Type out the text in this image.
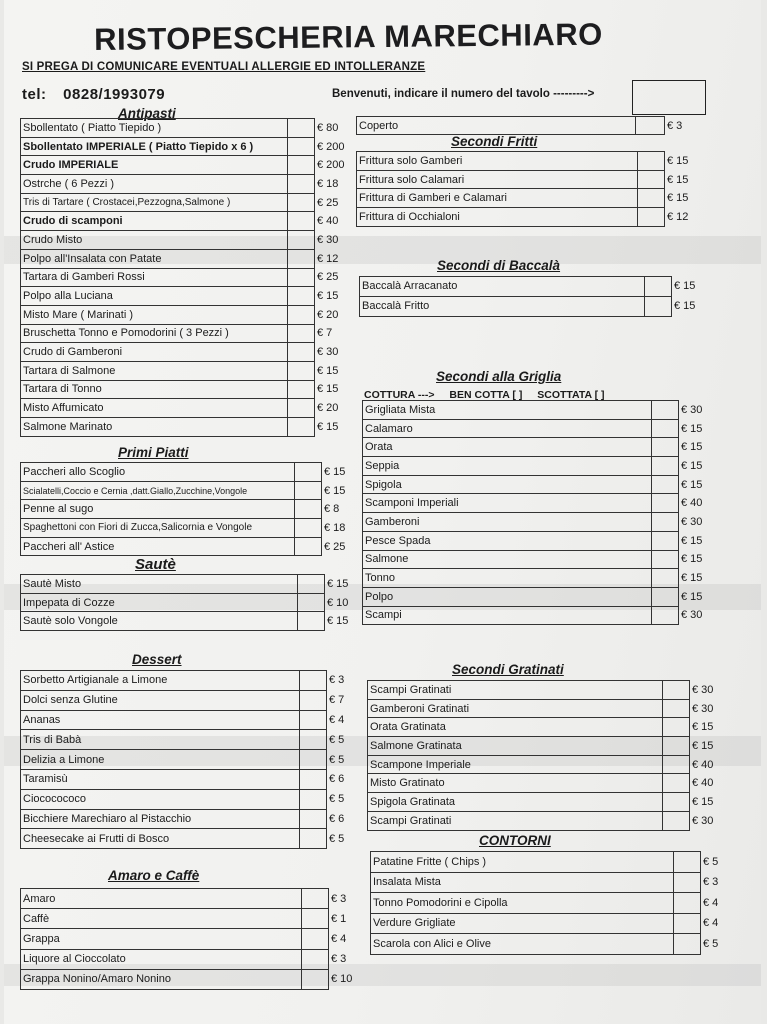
RISTOPESCHERIA MARECHIARO
SI PREGA DI COMUNICARE EVENTUALI ALLERGIE ED INTOLLERANZE
tel: 0828/1993079	Benvenuti, indicare il numero del tavolo --------->
Antipasti
Sbollentato ( Piatto Tiepido )		€ 80
Sbollentato IMPERIALE ( Piatto Tiepido x 6 )		€ 200
Crudo IMPERIALE		€ 200
Ostrche ( 6 Pezzi )		€ 18
Tris di Tartare ( Crostacei,Pezzogna,Salmone )		€ 25
Crudo di scamponi		€ 40
Crudo Misto		€ 30
Polpo all'Insalata con Patate		€ 12
Tartara di Gamberi Rossi		€ 25
Polpo alla Luciana		€ 15
Misto Mare ( Marinati )		€ 20
Bruschetta Tonno e Pomodorini ( 3 Pezzi )		€ 7
Crudo di Gamberoni		€ 30
Tartara di Salmone		€ 15
Tartara di Tonno		€ 15
Misto Affumicato		€ 20
Salmone Marinato		€ 15
Coperto		€ 3
Primi Piatti
Paccheri allo Scoglio		€ 15
Scialatelli,Coccio e Cernia ,datt.Giallo,Zucchine,Vongole		€ 15
Penne al sugo		€ 8
Spaghettoni con Fiori di Zucca,Salicornia e Vongole		€ 18
Paccheri all' Astice		€ 25
Sautè
Sautè Misto		€ 15
Impepata di Cozze		€ 10
Sautè solo Vongole		€ 15
Dessert
Sorbetto Artigianale a Limone		€ 3
Dolci senza Glutine		€ 7
Ananas		€ 4
Tris di Babà		€ 5
Delizia a Limone		€ 5
Taramisù		€ 6
Ciococococo		€ 5
Bicchiere Marechiaro al Pistacchio		€ 6
Cheesecake ai Frutti di Bosco		€ 5
Amaro e Caffè
Amaro		€ 3
Caffè		€ 1
Grappa		€ 4
Liquore al Cioccolato		€ 3
Grappa Nonino/Amaro Nonino		€ 10
Secondi Fritti
Frittura solo Gamberi		€ 15
Frittura solo Calamari		€ 15
Frittura di Gamberi e Calamari		€ 15
Frittura di Occhialoni		€ 12
Secondi di Baccalà
Baccalà Arracanato		€ 15
Baccalà Fritto		€ 15
Secondi alla Griglia
COTTURA ---> BEN COTTA [ ] SCOTTATA [ ]
Grigliata Mista		€ 30
Calamaro		€ 15
Orata		€ 15
Seppia		€ 15
Spigola		€ 15
Scamponi Imperiali		€ 40
Gamberoni		€ 30
Pesce Spada		€ 15
Salmone		€ 15
Tonno		€ 15
Polpo		€ 15
Scampi		€ 30
Secondi Gratinati
Scampi Gratinati		€ 30
Gamberoni Gratinati		€ 30
Orata Gratinata		€ 15
Salmone Gratinata		€ 15
Scampone Imperiale		€ 40
Misto Gratinato		€ 40
Spigola Gratinata		€ 15
Scampi Gratinati		€ 30
CONTORNI
Patatine Fritte ( Chips )		€ 5
Insalata Mista		€ 3
Tonno Pomodorini e Cipolla		€ 4
Verdure Grigliate		€ 4
Scarola con Alici e Olive		€ 5
